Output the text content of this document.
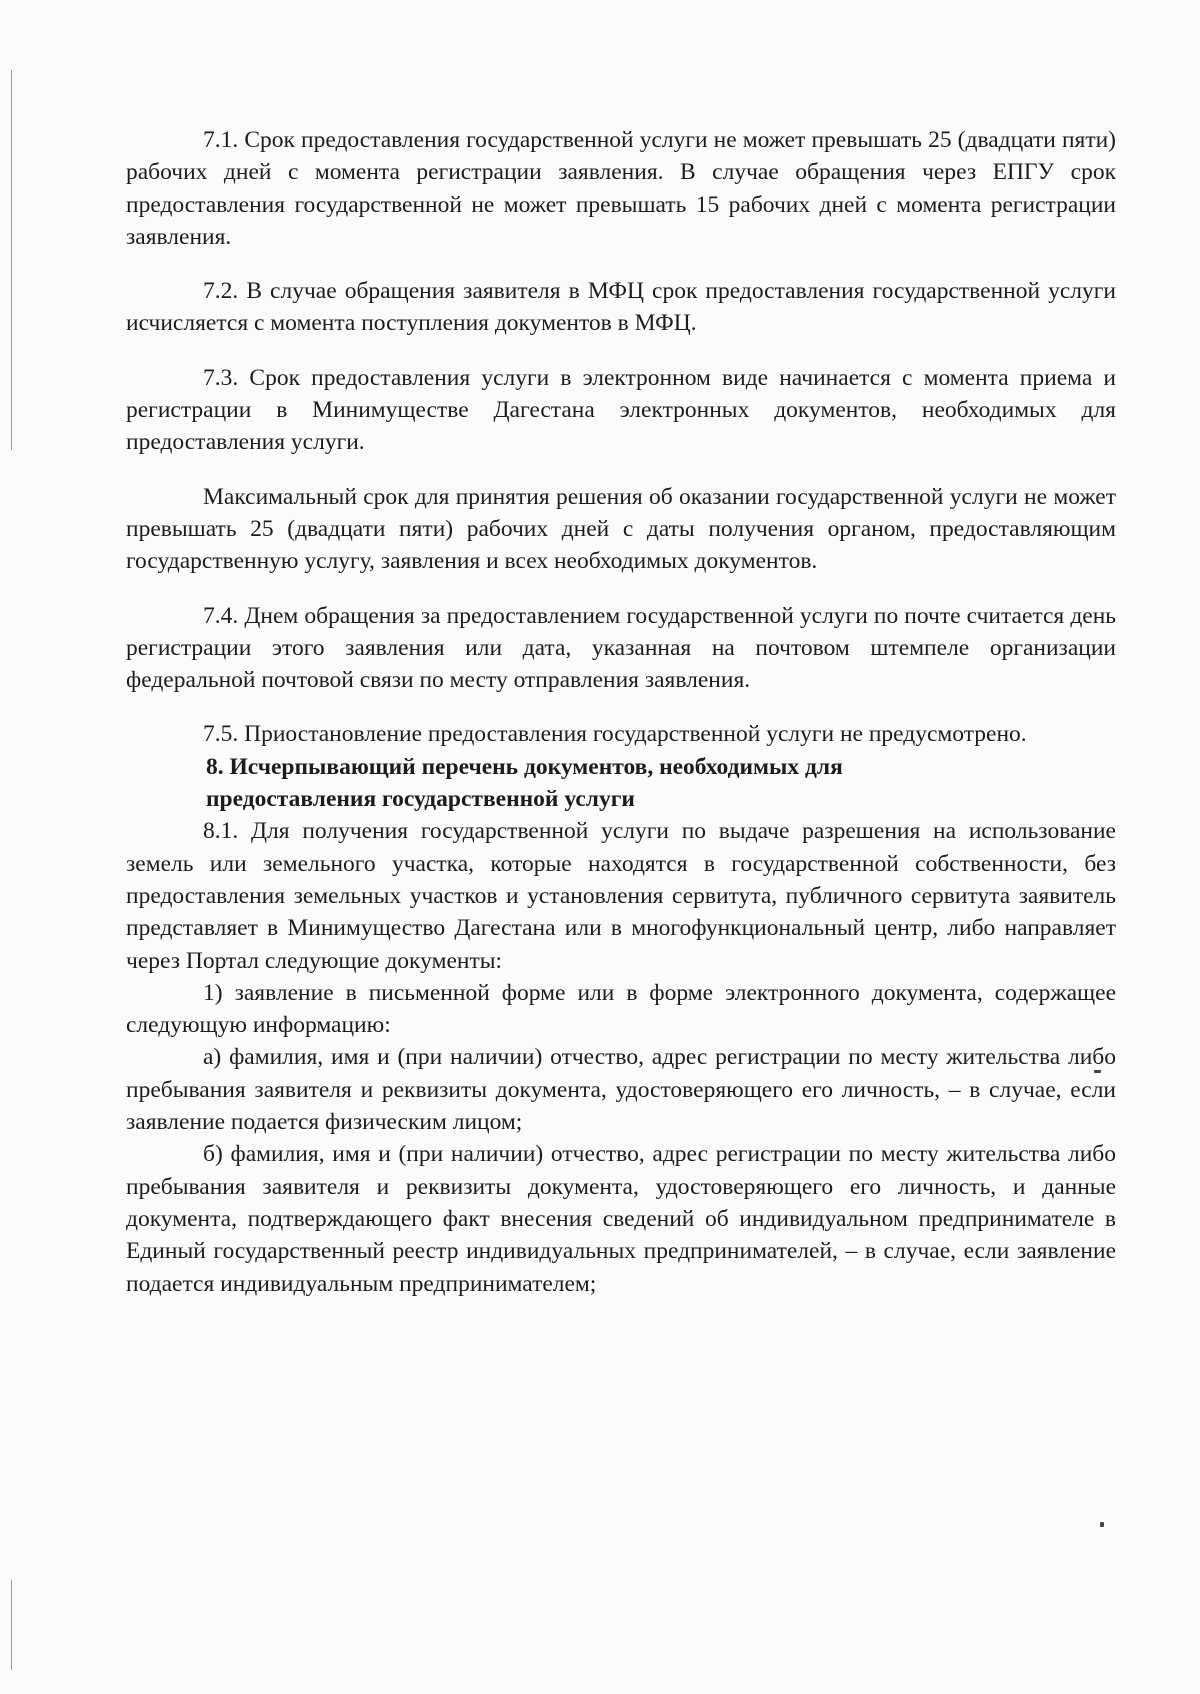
7.1. Срок предоставления государственной услуги не может превышать 25 (двадцати пяти) рабочих дней с момента регистрации заявления. В случае обращения через ЕПГУ срок предоставления государственной не может превышать 15 рабочих дней с момента регистрации заявления.

7.2. В случае обращения заявителя в МФЦ срок предоставления государственной услуги исчисляется с момента поступления документов в МФЦ.

7.3. Срок предоставления услуги в электронном виде начинается с момента приема и регистрации в Минимуществе Дагестана электронных документов, необходимых для предоставления услуги.

Максимальный срок для принятия решения об оказании государственной услуги не может превышать 25 (двадцати пяти) рабочих дней с даты получения органом, предоставляющим государственную услугу, заявления и всех необходимых документов.

7.4. Днем обращения за предоставлением государственной услуги по почте считается день регистрации этого заявления или дата, указанная на почтовом штемпеле организации федеральной почтовой связи по месту отправления заявления.

7.5. Приостановление предоставления государственной услуги не предусмотрено.

8. Исчерпывающий перечень документов, необходимых для
предоставления государственной услуги

8.1. Для получения государственной услуги по выдаче разрешения на использование земель или земельного участка, которые находятся в государственной собственности, без предоставления земельных участков и установления сервитута, публичного сервитута заявитель представляет в Минимущество Дагестана или в многофункциональный центр, либо направляет через Портал следующие документы:

1) заявление в письменной форме или в форме электронного документа, содержащее следующую информацию:

а) фамилия, имя и (при наличии) отчество, адрес регистрации по месту жительства либо пребывания заявителя и реквизиты документа, удостоверяющего его личность, – в случае, если заявление подается физическим лицом;

б) фамилия, имя и (при наличии) отчество, адрес регистрации по месту жительства либо пребывания заявителя и реквизиты документа, удостоверяющего его личность, и данные документа, подтверждающего факт внесения сведений об индивидуальном предпринимателе в Единый государственный реестр индивидуальных предпринимателей, – в случае, если заявление подается индивидуальным предпринимателем;
